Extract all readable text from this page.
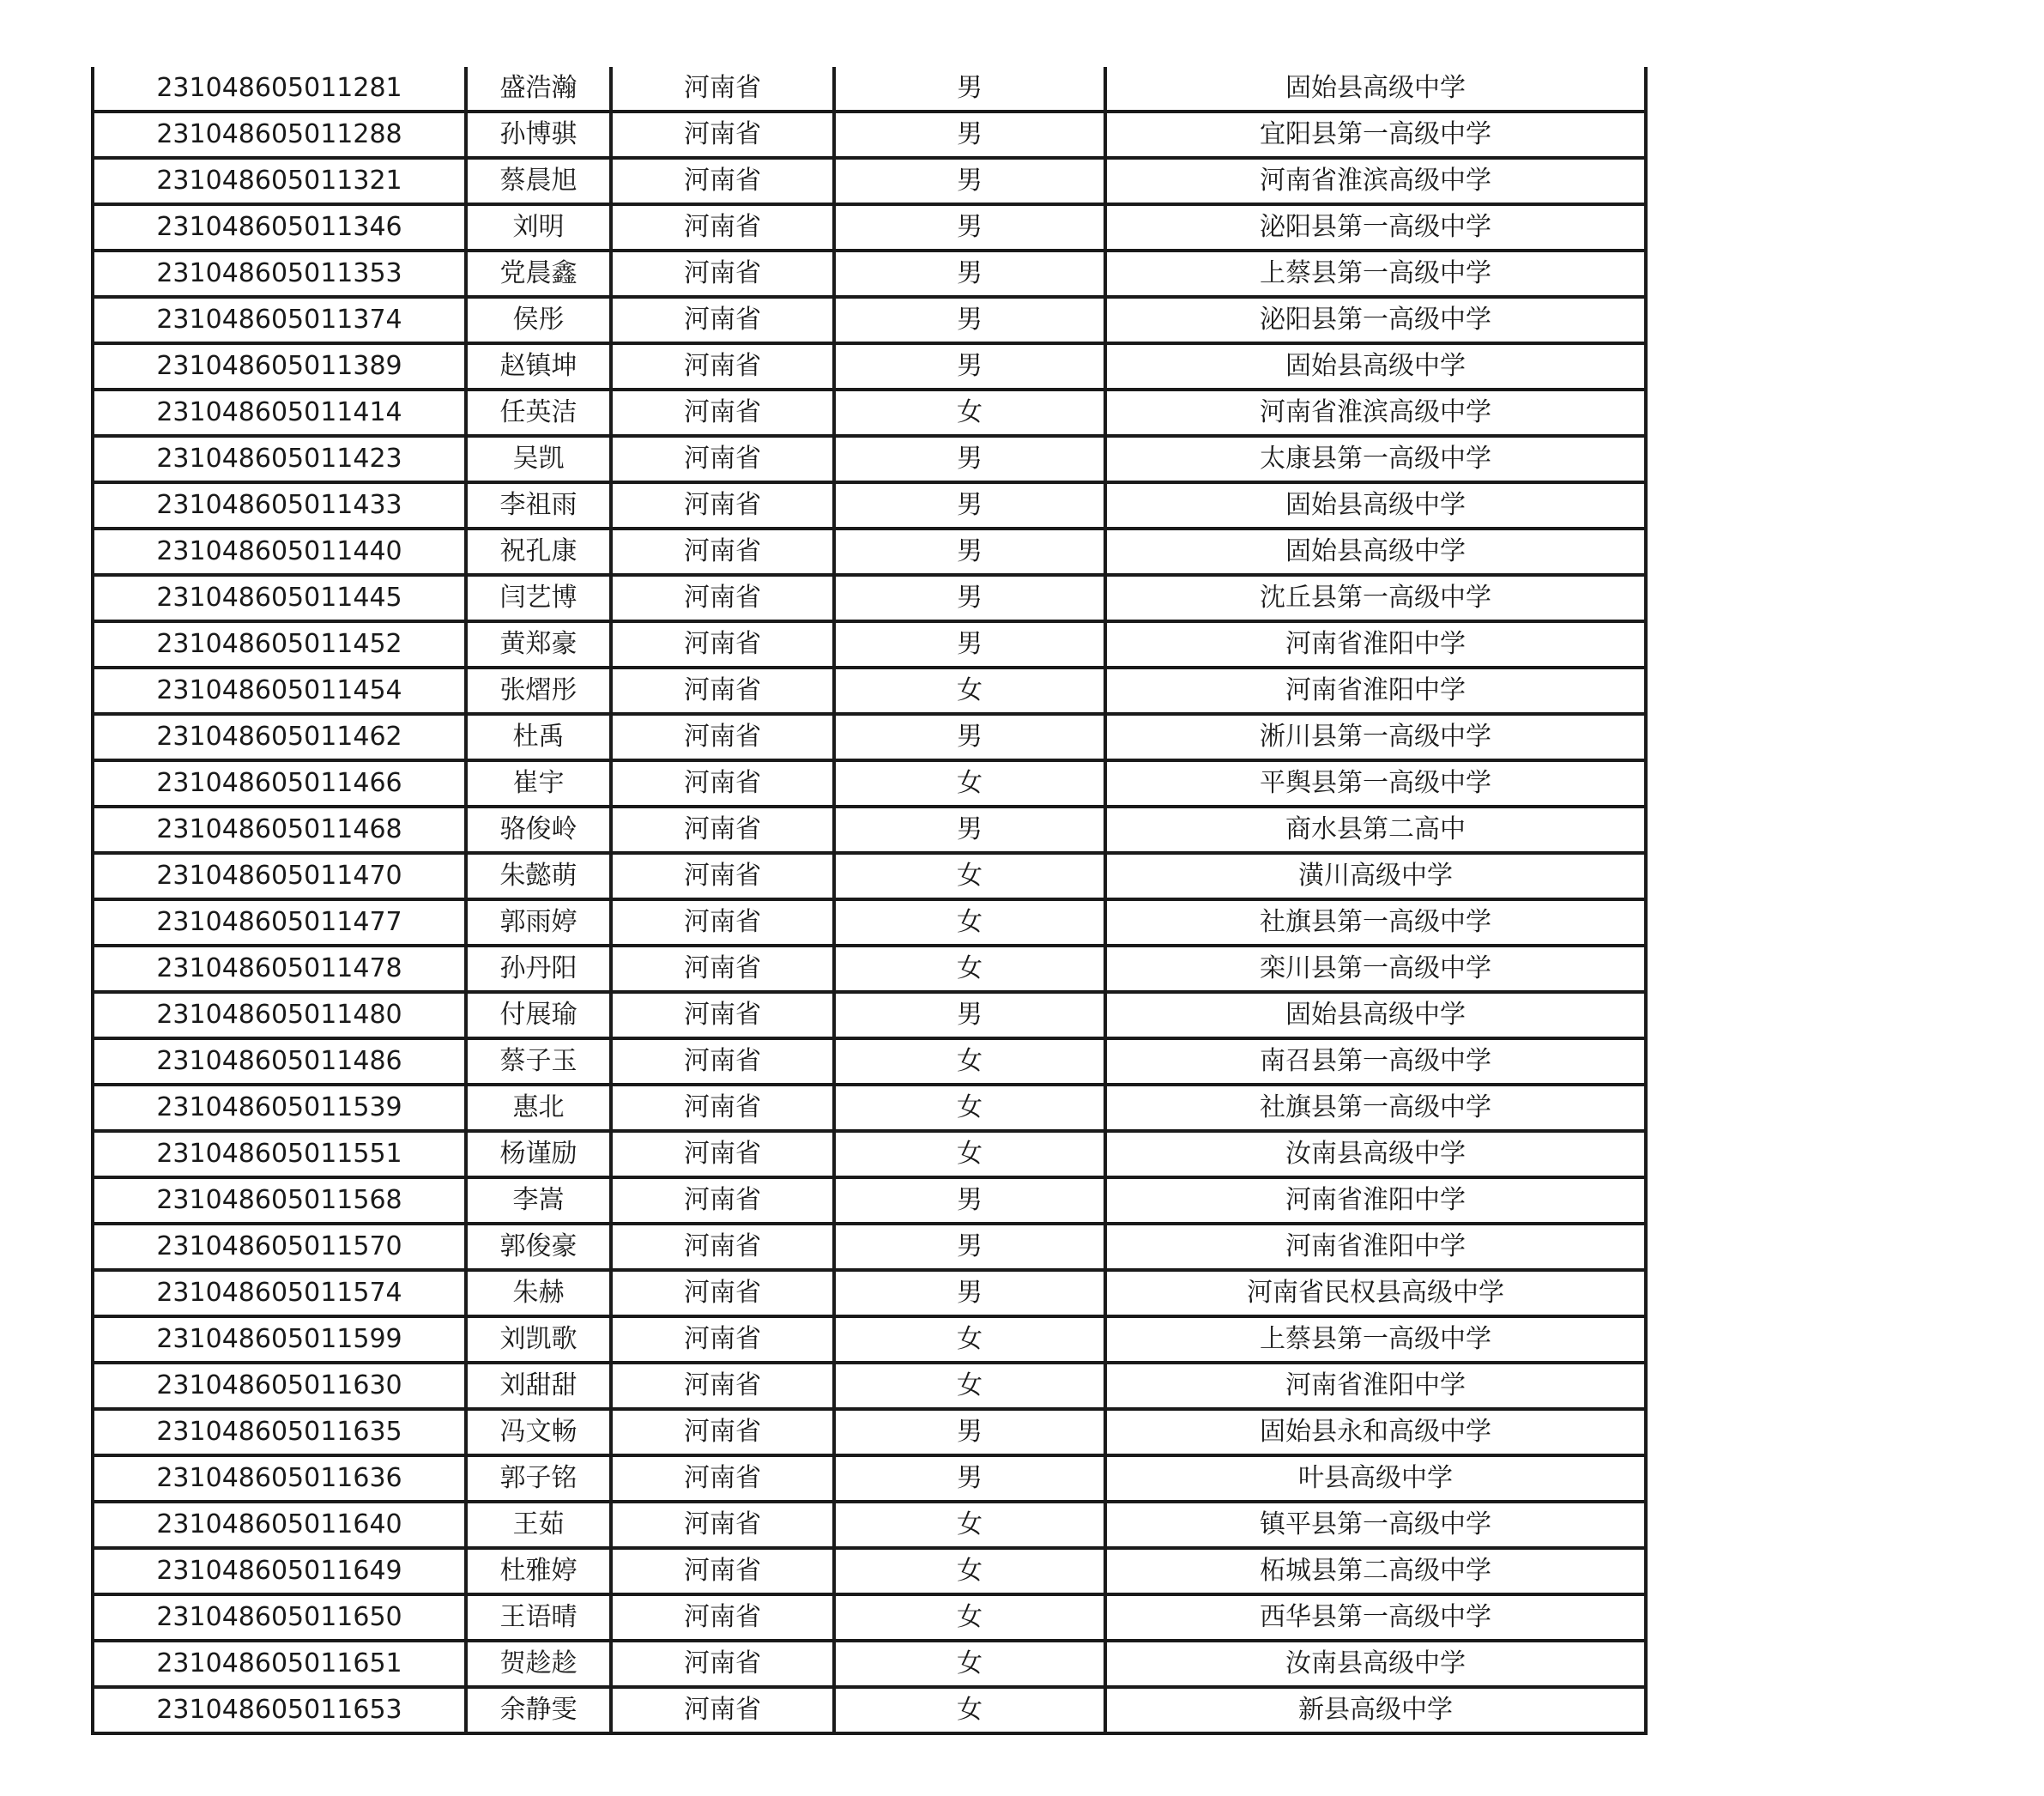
231048605011281	盛浩瀚	河南省	男	固始县高级中学
231048605011288	孙博骐	河南省	男	宜阳县第一高级中学
231048605011321	蔡晨旭	河南省	男	河南省淮滨高级中学
231048605011346	刘明	河南省	男	泌阳县第一高级中学
231048605011353	党晨鑫	河南省	男	上蔡县第一高级中学
231048605011374	侯彤	河南省	男	泌阳县第一高级中学
231048605011389	赵镇坤	河南省	男	固始县高级中学
231048605011414	任英洁	河南省	女	河南省淮滨高级中学
231048605011423	吴凯	河南省	男	太康县第一高级中学
231048605011433	李祖雨	河南省	男	固始县高级中学
231048605011440	祝孔康	河南省	男	固始县高级中学
231048605011445	闫艺博	河南省	男	沈丘县第一高级中学
231048605011452	黄郑豪	河南省	男	河南省淮阳中学
231048605011454	张熠彤	河南省	女	河南省淮阳中学
231048605011462	杜禹	河南省	男	淅川县第一高级中学
231048605011466	崔宇	河南省	女	平舆县第一高级中学
231048605011468	骆俊岭	河南省	男	商水县第二高中
231048605011470	朱懿萌	河南省	女	潢川高级中学
231048605011477	郭雨婷	河南省	女	社旗县第一高级中学
231048605011478	孙丹阳	河南省	女	栾川县第一高级中学
231048605011480	付展瑜	河南省	男	固始县高级中学
231048605011486	蔡子玉	河南省	女	南召县第一高级中学
231048605011539	惠北	河南省	女	社旗县第一高级中学
231048605011551	杨谨励	河南省	女	汝南县高级中学
231048605011568	李嵩	河南省	男	河南省淮阳中学
231048605011570	郭俊豪	河南省	男	河南省淮阳中学
231048605011574	朱赫	河南省	男	河南省民权县高级中学
231048605011599	刘凯歌	河南省	女	上蔡县第一高级中学
231048605011630	刘甜甜	河南省	女	河南省淮阳中学
231048605011635	冯文畅	河南省	男	固始县永和高级中学
231048605011636	郭子铭	河南省	男	叶县高级中学
231048605011640	王茹	河南省	女	镇平县第一高级中学
231048605011649	杜雅婷	河南省	女	柘城县第二高级中学
231048605011650	王语晴	河南省	女	西华县第一高级中学
231048605011651	贺趁趁	河南省	女	汝南县高级中学
231048605011653	余静雯	河南省	女	新县高级中学
